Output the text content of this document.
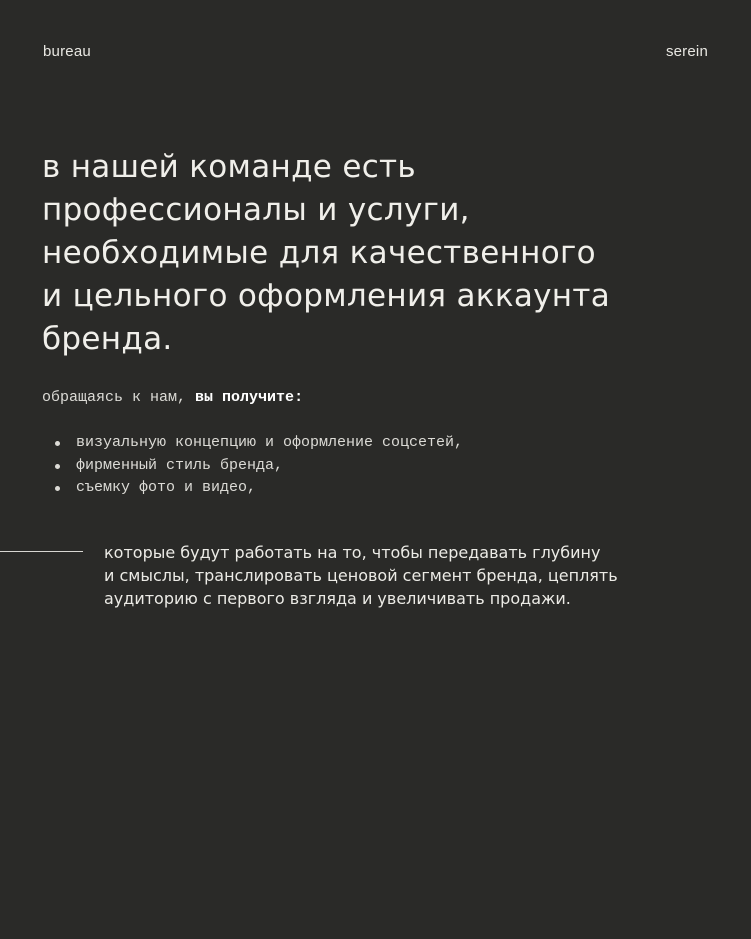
bureau	serein
в нашей команде есть
профессионалы и услуги,
необходимые для качественного
и цельного оформления аккаунта
бренда.
обращаясь к нам, вы получите:
визуальную концепцию и оформление соцсетей,
фирменный стиль бренда,
съемку фото и видео,

которые будут работать на то, чтобы передавать глубину
и смыслы, транслировать ценовой сегмент бренда, цеплять
аудиторию с первого взгляда и увеличивать продажи.
